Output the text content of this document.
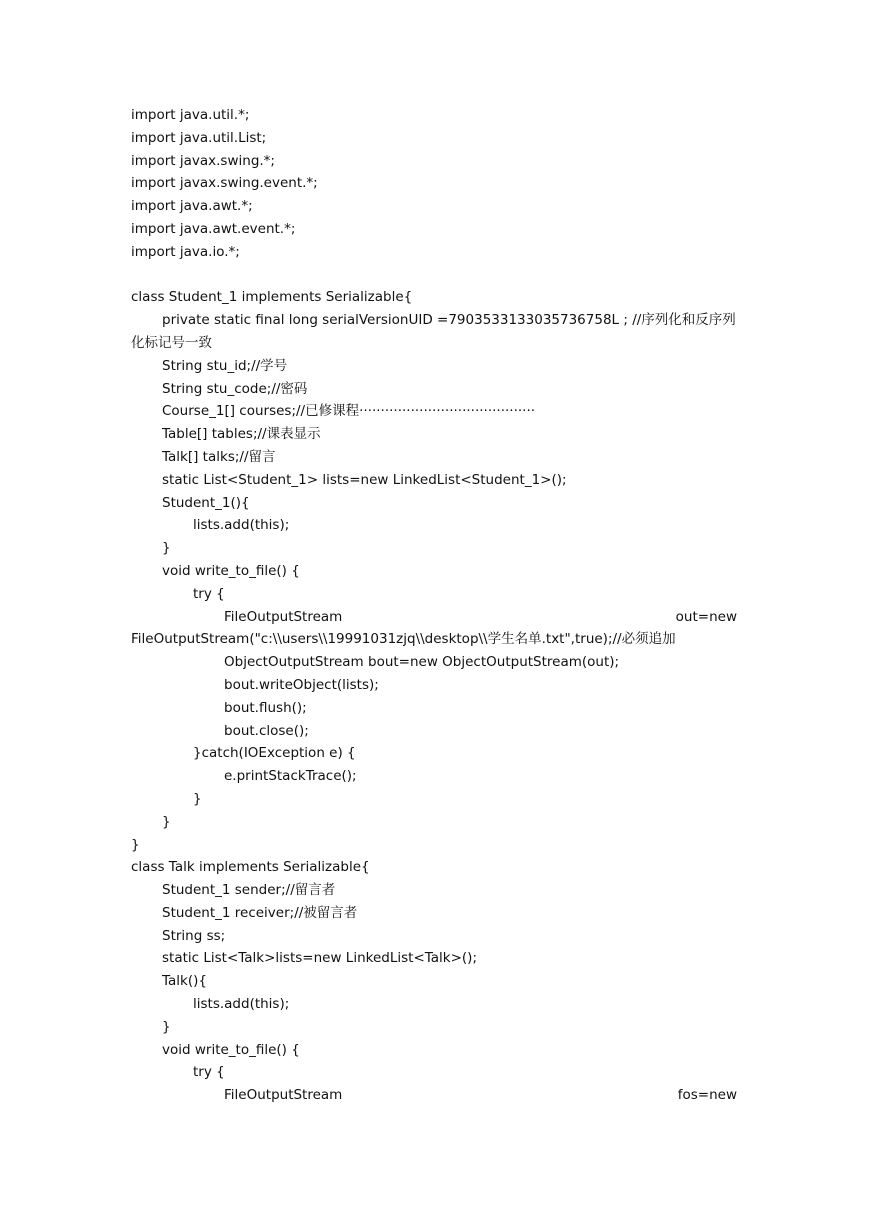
import java.util.*;
import java.util.List;
import javax.swing.*;
import javax.swing.event.*;
import java.awt.*;
import java.awt.event.*;
import java.io.*;
class Student_1 implements Serializable{
private static final long serialVersionUID =7903533133035736758L ; //序列化和反序列
化标记号一致
String stu_id;//学号
String stu_code;//密码
Course_1[] courses;//已修课程·········································
Table[] tables;//课表显示
Talk[] talks;//留言
static List<Student_1> lists=new LinkedList<Student_1>();
Student_1(){
lists.add(this);
}
void write_to_file() {
try {
FileOutputStream	out=new
FileOutputStream("c:\\users\\19991031zjq\\desktop\\学生名单.txt",true);//必须追加
ObjectOutputStream bout=new ObjectOutputStream(out);
bout.writeObject(lists);
bout.flush();
bout.close();
}catch(IOException e) {
e.printStackTrace();
}
}
}
class Talk implements Serializable{
Student_1 sender;//留言者
Student_1 receiver;//被留言者
String ss;
static List<Talk>lists=new LinkedList<Talk>();
Talk(){
lists.add(this);
}
void write_to_file() {
try {
FileOutputStream	fos=new
